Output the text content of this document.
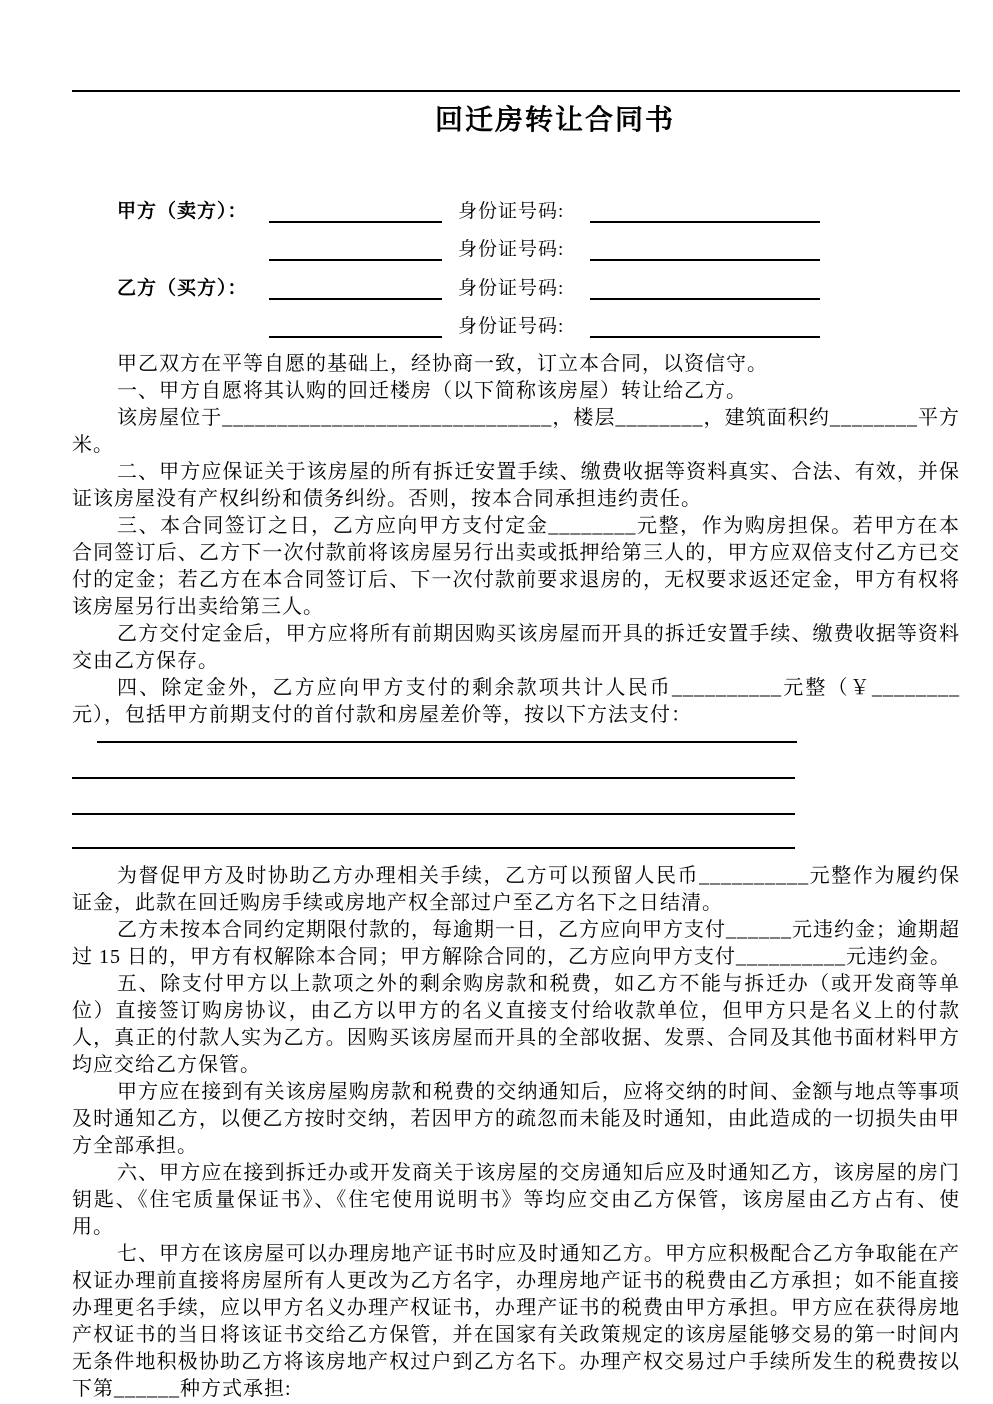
回迁房转让合同书
甲方（卖方）：	身份证号码:
身份证号码:
乙方（买方）：	身份证号码:
身份证号码:

甲乙双方在平等自愿的基础上，经协商一致，订立本合同，以资信守。

一、甲方自愿将其认购的回迁楼房（以下简称该房屋）转让给乙方。

该房屋位于______________________________，楼层________，建筑面积约________平方米。

二、甲方应保证关于该房屋的所有拆迁安置手续、缴费收据等资料真实、合法、有效，并保证该房屋没有产权纠纷和债务纠纷。否则，按本合同承担违约责任。

三、本合同签订之日，乙方应向甲方支付定金________元整，作为购房担保。若甲方在本合同签订后、乙方下一次付款前将该房屋另行出卖或抵押给第三人的，甲方应双倍支付乙方已交付的定金；若乙方在本合同签订后、下一次付款前要求退房的，无权要求返还定金，甲方有权将该房屋另行出卖给第三人。

乙方交付定金后，甲方应将所有前期因购买该房屋而开具的拆迁安置手续、缴费收据等资料交由乙方保存。

四、除定金外，乙方应向甲方支付的剩余款项共计人民币__________元整（￥________元），包括甲方前期支付的首付款和房屋差价等，按以下方法支付：

为督促甲方及时协助乙方办理相关手续，乙方可以预留人民币__________元整作为履约保证金，此款在回迁购房手续或房地产权全部过户至乙方名下之日结清。

乙方未按本合同约定期限付款的，每逾期一日，乙方应向甲方支付______元违约金；逾期超过 15 日的，甲方有权解除本合同；甲方解除合同的，乙方应向甲方支付__________元违约金。

五、除支付甲方以上款项之外的剩余购房款和税费，如乙方不能与拆迁办（或开发商等单位）直接签订购房协议，由乙方以甲方的名义直接支付给收款单位，但甲方只是名义上的付款人，真正的付款人实为乙方。因购买该房屋而开具的全部收据、发票、合同及其他书面材料甲方均应交给乙方保管。

甲方应在接到有关该房屋购房款和税费的交纳通知后，应将交纳的时间、金额与地点等事项及时通知乙方，以便乙方按时交纳，若因甲方的疏忽而未能及时通知，由此造成的一切损失由甲方全部承担。

六、甲方应在接到拆迁办或开发商关于该房屋的交房通知后应及时通知乙方，该房屋的房门钥匙、《住宅质量保证书》、《住宅使用说明书》等均应交由乙方保管，该房屋由乙方占有、使用。

七、甲方在该房屋可以办理房地产证书时应及时通知乙方。甲方应积极配合乙方争取能在产权证办理前直接将房屋所有人更改为乙方名字，办理房地产证书的税费由乙方承担；如不能直接办理更名手续，应以甲方名义办理产权证书，办理产证书的税费由甲方承担。甲方应在获得房地产权证书的当日将该证书交给乙方保管，并在国家有关政策规定的该房屋能够交易的第一时间内无条件地积极协助乙方将该房地产权过户到乙方名下。办理产权交易过户手续所发生的税费按以下第______种方式承担:
